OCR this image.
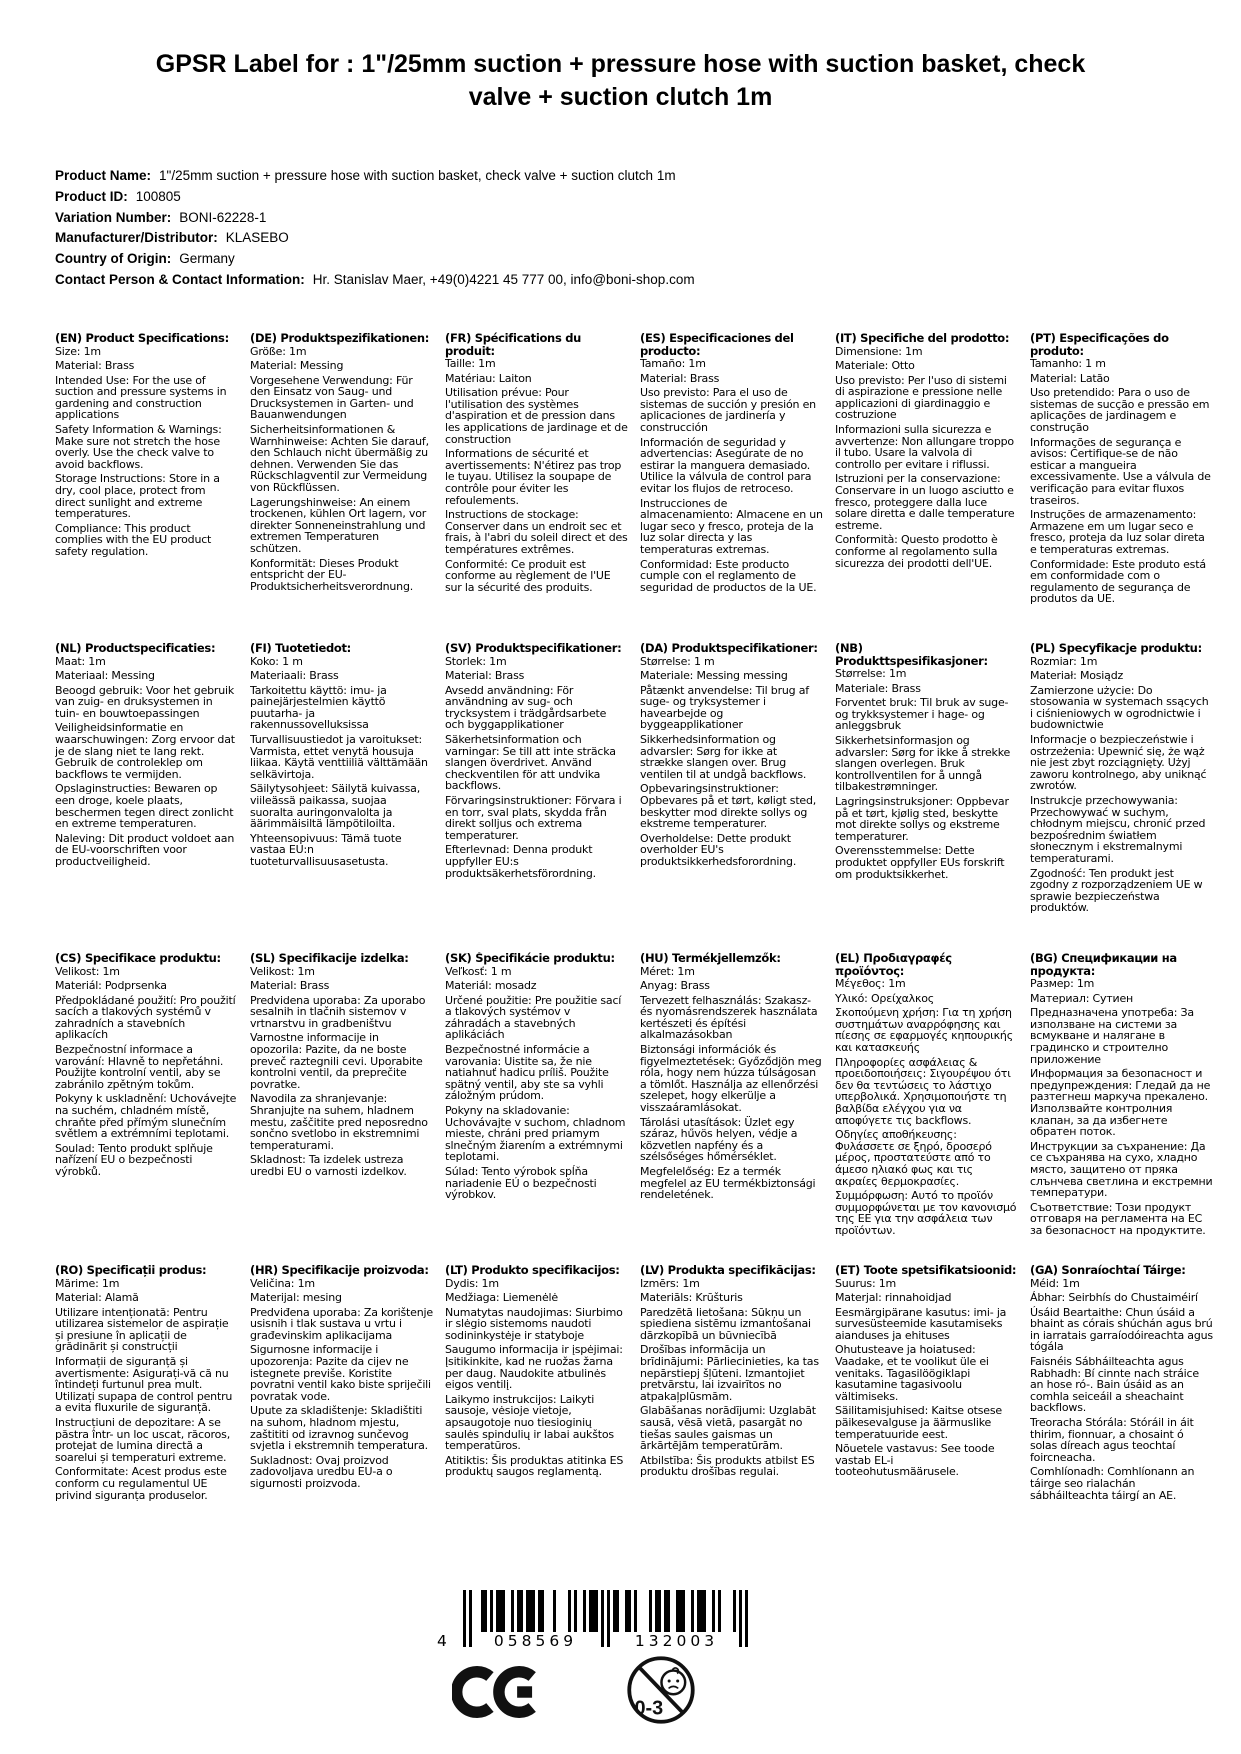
GPSR Label for : 1"/25mm suction + pressure hose with suction basket, check valve + suction clutch 1m
Product Name: 1"/25mm suction + pressure hose with suction basket, check valve + suction clutch 1m
Product ID: 100805
Variation Number: BONI-62228-1
Manufacturer/Distributor: KLASEBO
Country of Origin: Germany
Contact Person & Contact Information: Hr. Stanislav Maer, +49(0)4221 45 777 00, info@boni-shop.com
(EN) Product Specifications:

Size: 1m

Material: Brass

Intended Use: For the use of suction and pressure systems in gardening and construction applications

Safety Information & Warnings: Make sure not stretch the hose overly. Use the check valve to avoid backflows.

Storage Instructions: Store in a dry, cool place, protect from direct sunlight and extreme temperatures.

Compliance: This product complies with the EU product safety regulation.

(DE) Produktspezifikationen:

Größe: 1m

Material: Messing

Vorgesehene Verwendung: Für den Einsatz von Saug- und Drucksystemen in Garten- und Bauanwendungen

Sicherheitsinformationen & Warnhinweise: Achten Sie darauf, den Schlauch nicht übermäßig zu dehnen. Verwenden Sie das Rückschlagventil zur Vermeidung von Rückflüssen.

Lagerungshinweise: An einem trockenen, kühlen Ort lagern, vor direkter Sonneneinstrahlung und extremen Temperaturen schützen.

Konformität: Dieses Produkt entspricht der EU-Produktsicherheitsverordnung.

(FR) Spécifications du produit:

Taille: 1m

Matériau: Laiton

Utilisation prévue: Pour l'utilisation des systèmes d'aspiration et de pression dans les applications de jardinage et de construction

Informations de sécurité et avertissements: N'étirez pas trop le tuyau. Utilisez la soupape de contrôle pour éviter les refoulements.

Instructions de stockage: Conserver dans un endroit sec et frais, à l'abri du soleil direct et des températures extrêmes.

Conformité: Ce produit est conforme au règlement de l'UE sur la sécurité des produits.

(ES) Especificaciones del producto:

Tamaño: 1m

Material: Brass

Uso previsto: Para el uso de sistemas de succión y presión en aplicaciones de jardinería y construcción

Información de seguridad y advertencias: Asegúrate de no estirar la manguera demasiado. Utilice la válvula de control para evitar los flujos de retroceso.

Instrucciones de almacenamiento: Almacene en un lugar seco y fresco, proteja de la luz solar directa y las temperaturas extremas.

Conformidad: Este producto cumple con el reglamento de seguridad de productos de la UE.

(IT) Specifiche del prodotto:

Dimensione: 1m

Materiale: Otto

Uso previsto: Per l'uso di sistemi di aspirazione e pressione nelle applicazioni di giardinaggio e costruzione

Informazioni sulla sicurezza e avvertenze: Non allungare troppo il tubo. Usare la valvola di controllo per evitare i riflussi.

Istruzioni per la conservazione: Conservare in un luogo asciutto e fresco, proteggere dalla luce solare diretta e dalle temperature estreme.

Conformità: Questo prodotto è conforme al regolamento sulla sicurezza dei prodotti dell'UE.

(PT) Especificações do produto:

Tamanho: 1 m

Material: Latão

Uso pretendido: Para o uso de sistemas de sucção e pressão em aplicações de jardinagem e construção

Informações de segurança e avisos: Certifique-se de não esticar a mangueira excessivamente. Use a válvula de verificação para evitar fluxos traseiros.

Instruções de armazenamento: Armazene em um lugar seco e fresco, proteja da luz solar direta e temperaturas extremas.

Conformidade: Este produto está em conformidade com o regulamento de segurança de produtos da UE.

(NL) Productspecificaties:

Maat: 1m

Materiaal: Messing

Beoogd gebruik: Voor het gebruik van zuig- en druksystemen in tuin- en bouwtoepassingen

Veiligheidsinformatie en waarschuwingen: Zorg ervoor dat je de slang niet te lang rekt. Gebruik de controleklep om backflows te vermijden.

Opslaginstructies: Bewaren op een droge, koele plaats, beschermen tegen direct zonlicht en extreme temperaturen.

Naleving: Dit product voldoet aan de EU-voorschriften voor productveiligheid.

(FI) Tuotetiedot:

Koko: 1 m

Materiaali: Brass

Tarkoitettu käyttö: imu- ja painejärjestelmien käyttö puutarha- ja rakennussovelluksissa

Turvallisuustiedot ja varoitukset: Varmista, ettet venytä housuja liikaa. Käytä venttiiliä välttämään selkävirtoja.

Säilytysohjeet: Säilytä kuivassa, viileässä paikassa, suojaa suoralta auringonvalolta ja äärimmäisiltä lämpötiloilta.

Yhteensopivuus: Tämä tuote vastaa EU:n tuoteturvallisuusasetusta.

(SV) Produktspecifikationer:

Storlek: 1m

Material: Brass

Avsedd användning: För användning av sug- och trycksystem i trädgårdsarbete och byggapplikationer

Säkerhetsinformation och varningar: Se till att inte sträcka slangen överdrivet. Använd checkventilen för att undvika backflows.

Förvaringsinstruktioner: Förvara i en torr, sval plats, skydda från direkt solljus och extrema temperaturer.

Efterlevnad: Denna produkt uppfyller EU:s produktsäkerhetsförordning.

(DA) Produktspecifikationer:

Størrelse: 1 m

Materiale: Messing messing

Påtænkt anvendelse: Til brug af suge- og tryksystemer i havearbejde og byggeapplikationer

Sikkerhedsinformation og advarsler: Sørg for ikke at strække slangen over. Brug ventilen til at undgå backflows.

Opbevaringsinstruktioner: Opbevares på et tørt, køligt sted, beskytter mod direkte sollys og ekstreme temperaturer.

Overholdelse: Dette produkt overholder EU's produktsikkerhedsforordning.

(NB) Produkttspesifikasjoner:

Størrelse: 1m

Materiale: Brass

Forventet bruk: Til bruk av suge- og trykksystemer i hage- og anleggsbruk

Sikkerhetsinformasjon og advarsler: Sørg for ikke å strekke slangen overlegen. Bruk kontrollventilen for å unngå tilbakestrømninger.

Lagringsinstruksjoner: Oppbevar på et tørt, kjølig sted, beskytte mot direkte sollys og ekstreme temperaturer.

Overensstemmelse: Dette produktet oppfyller EUs forskrift om produktsikkerhet.

(PL) Specyfikacje produktu:

Rozmiar: 1m

Materiał: Mosiądz

Zamierzone użycie: Do stosowania w systemach ssących i ciśnieniowych w ogrodnictwie i budownictwie

Informacje o bezpieczeństwie i ostrzeżenia: Upewnić się, że wąż nie jest zbyt rozciągnięty. Użyj zaworu kontrolnego, aby uniknąć zwrotów.

Instrukcje przechowywania: Przechowywać w suchym, chłodnym miejscu, chronić przed bezpośrednim światłem słonecznym i ekstremalnymi temperaturami.

Zgodność: Ten produkt jest zgodny z rozporządzeniem UE w sprawie bezpieczeństwa produktów.

(CS) Specifikace produktu:

Velikost: 1m

Materiál: Podprsenka

Předpokládané použití: Pro použití sacích a tlakových systémů v zahradních a stavebních aplikacích

Bezpečnostní informace a varování: Hlavně to nepřetáhni. Použijte kontrolní ventil, aby se zabránilo zpětným tokům.

Pokyny k uskladnění: Uchovávejte na suchém, chladném místě, chraňte před přímým slunečním světlem a extrémními teplotami.

Soulad: Tento produkt splňuje nařízení EU o bezpečnosti výrobků.

(SL) Specifikacije izdelka:

Velikost: 1m

Material: Brass

Predvidena uporaba: Za uporabo sesalnih in tlačnih sistemov v vrtnarstvu in gradbeništvu

Varnostne informacije in opozorila: Pazite, da ne boste preveč raztegnili cevi. Uporabite kontrolni ventil, da preprečite povratke.

Navodila za shranjevanje: Shranjujte na suhem, hladnem mestu, zaščitite pred neposredno sončno svetlobo in ekstremnimi temperaturami.

Skladnost: Ta izdelek ustreza uredbi EU o varnosti izdelkov.

(SK) Špecifikácie produktu:

Veľkosť: 1 m

Materiál: mosadz

Určené použitie: Pre použitie sací a tlakových systémov v záhradách a stavebných aplikáciách

Bezpečnostné informácie a varovania: Uistite sa, že nie natiahnuť hadicu príliš. Použite spätný ventil, aby ste sa vyhli záložným prúdom.

Pokyny na skladovanie: Uchovávajte v suchom, chladnom mieste, chráni pred priamym slnečným žiarením a extrémnymi teplotami.

Súlad: Tento výrobok spĺňa nariadenie EÚ o bezpečnosti výrobkov.

(HU) Termékjellemzők:

Méret: 1m

Anyag: Brass

Tervezett felhasználás: Szakasz- és nyomásrendszerek használata kertészeti és építési alkalmazásokban

Biztonsági információk és figyelmeztetések: Győződjön meg róla, hogy nem húzza túlságosan a tömlőt. Használja az ellenőrzési szelepet, hogy elkerülje a visszaáramlásokat.

Tárolási utasítások: Üzlet egy száraz, hűvös helyen, védje a közvetlen napfény és a szélsőséges hőmérséklet.

Megfelelőség: Ez a termék megfelel az EU termékbiztonsági rendeletének.

(EL) Προδιαγραφές προϊόντος:

Μέγεθος: 1m

Υλικό: Ορείχαλκος

Σκοπούμενη χρήση: Για τη χρήση συστημάτων αναρρόφησης και πίεσης σε εφαρμογές κηπουρικής και κατασκευής

Πληροφορίες ασφάλειας & προειδοποιήσεις: Σιγουρέψου ότι δεν θα τεντώσεις το λάστιχο υπερβολικά. Χρησιμοποιήστε τη βαλβίδα ελέγχου για να αποφύγετε τις backflows.

Οδηγίες αποθήκευσης: Φυλάσσετε σε ξηρό, δροσερό μέρος, προστατεύστε από το άμεσο ηλιακό φως και τις ακραίες θερμοκρασίες.

Συμμόρφωση: Αυτό το προϊόν συμμορφώνεται με τον κανονισμό της ΕΕ για την ασφάλεια των προϊόντων.

(BG) Спецификации на продукта:

Размер: 1m

Материал: Сутиен

Предназначена употреба: За използване на системи за всмукване и налягане в градинско и строително приложение

Информация за безопасност и предупреждения: Гледай да не разтегнеш маркуча прекалено. Използвайте контролния клапан, за да избегнете обратен поток.

Инструкции за съхранение: Да се съхранява на сухо, хладно място, защитено от пряка слънчева светлина и екстремни температури.

Съответствие: Този продукт отговаря на регламента на ЕС за безопасност на продуктите.

(RO) Specificații produs:

Mărime: 1m

Material: Alamă

Utilizare intenționată: Pentru utilizarea sistemelor de aspirație și presiune în aplicații de grădinărit și construcții

Informații de siguranță și avertismente: Asigurați-vă că nu întindeți furtunul prea mult. Utilizați supapa de control pentru a evita fluxurile de siguranță.

Instrucțiuni de depozitare: A se păstra într- un loc uscat, răcoros, protejat de lumina directă a soarelui și temperaturi extreme.

Conformitate: Acest produs este conform cu regulamentul UE privind siguranța produselor.

(HR) Specifikacije proizvoda:

Veličina: 1m

Materijal: mesing

Predviđena uporaba: Za korištenje usisnih i tlak sustava u vrtu i građevinskim aplikacijama

Sigurnosne informacije i upozorenja: Pazite da cijev ne istegnete previše. Koristite povratni ventil kako biste spriječili povratak vode.

Upute za skladištenje: Skladištiti na suhom, hladnom mjestu, zaštititi od izravnog sunčevog svjetla i ekstremnih temperatura.

Sukladnost: Ovaj proizvod zadovoljava uredbu EU-a o sigurnosti proizvoda.

(LT) Produkto specifikacijos:

Dydis: 1m

Medžiaga: Liemenėlė

Numatytas naudojimas: Siurbimo ir slėgio sistemoms naudoti sodininkystėje ir statyboje

Saugumo informacija ir įspėjimai: Įsitikinkite, kad ne ruožas žarna per daug. Naudokite atbulinės eigos ventilį.

Laikymo instrukcijos: Laikyti sausoje, vėsioje vietoje, apsaugotoje nuo tiesioginių saulės spindulių ir labai aukštos temperatūros.

Atitiktis: Šis produktas atitinka ES produktų saugos reglamentą.

(LV) Produkta specifikācijas:

Izmērs: 1m

Materiāls: Krūšturis

Paredzētā lietošana: Sūkņu un spiediena sistēmu izmantošanai dārzkopībā un būvniecībā

Drošības informācija un brīdinājumi: Pārliecinieties, ka tas nepārstiepj šļūteni. Izmantojiet pretvārstu, lai izvairītos no atpakaļplūsmām.

Glabāšanas norādījumi: Uzglabāt sausā, vēsā vietā, pasargāt no tiešas saules gaismas un ārkārtējām temperatūrām.

Atbilstība: Šis produkts atbilst ES produktu drošības regulai.

(ET) Toote spetsifikatsioonid:

Suurus: 1m

Materjal: rinnahoidjad

Eesmärgipärane kasutus: imi- ja survesüsteemide kasutamiseks aianduses ja ehituses

Ohutusteave ja hoiatused: Vaadake, et te voolikut üle ei venitaks. Tagasilöögiklapi kasutamine tagasivoolu vältimiseks.

Säilitamisjuhised: Kaitse otsese päikesevalguse ja äärmuslike temperatuuride eest.

Nõuetele vastavus: See toode vastab EL-i tooteohutusmäärusele.

(GA) Sonraíochtaí Táirge:

Méid: 1m

Ábhar: Seirbhís do Chustaiméirí

Úsáid Beartaithe: Chun úsáid a bhaint as córais shúchán agus brú in iarratais garraíodóireachta agus tógála

Faisnéis Sábháilteachta agus Rabhadh: Bí cinnte nach stráice an hose ró-. Bain úsáid as an comhla seiceáil a sheachaint backflows.

Treoracha Stórála: Stóráil in áit thirim, fionnuar, a chosaint ó solas díreach agus teochtaí foircneacha.

Comhlíonadh: Comhlíonann an táirge seo rialachán sábháilteachta táirgí an AE.

4	058569	132003
0-3
